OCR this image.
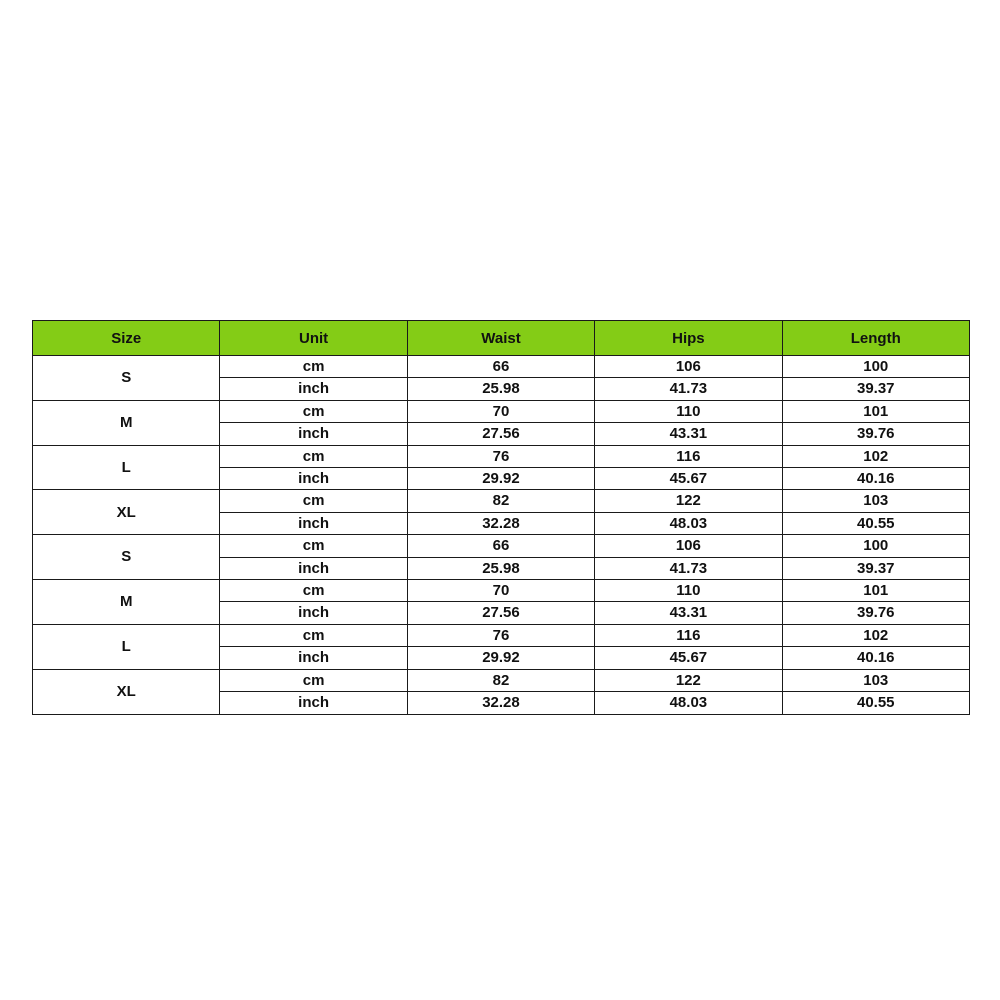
Size	Unit	Waist	Hips	Length
S	cm	66	106	100
	inch	25.98	41.73	39.37
M	cm	70	110	101
	inch	27.56	43.31	39.76
L	cm	76	116	102
	inch	29.92	45.67	40.16
XL	cm	82	122	103
	inch	32.28	48.03	40.55
S	cm	66	106	100
	inch	25.98	41.73	39.37
M	cm	70	110	101
	inch	27.56	43.31	39.76
L	cm	76	116	102
	inch	29.92	45.67	40.16
XL	cm	82	122	103
	inch	32.28	48.03	40.55
